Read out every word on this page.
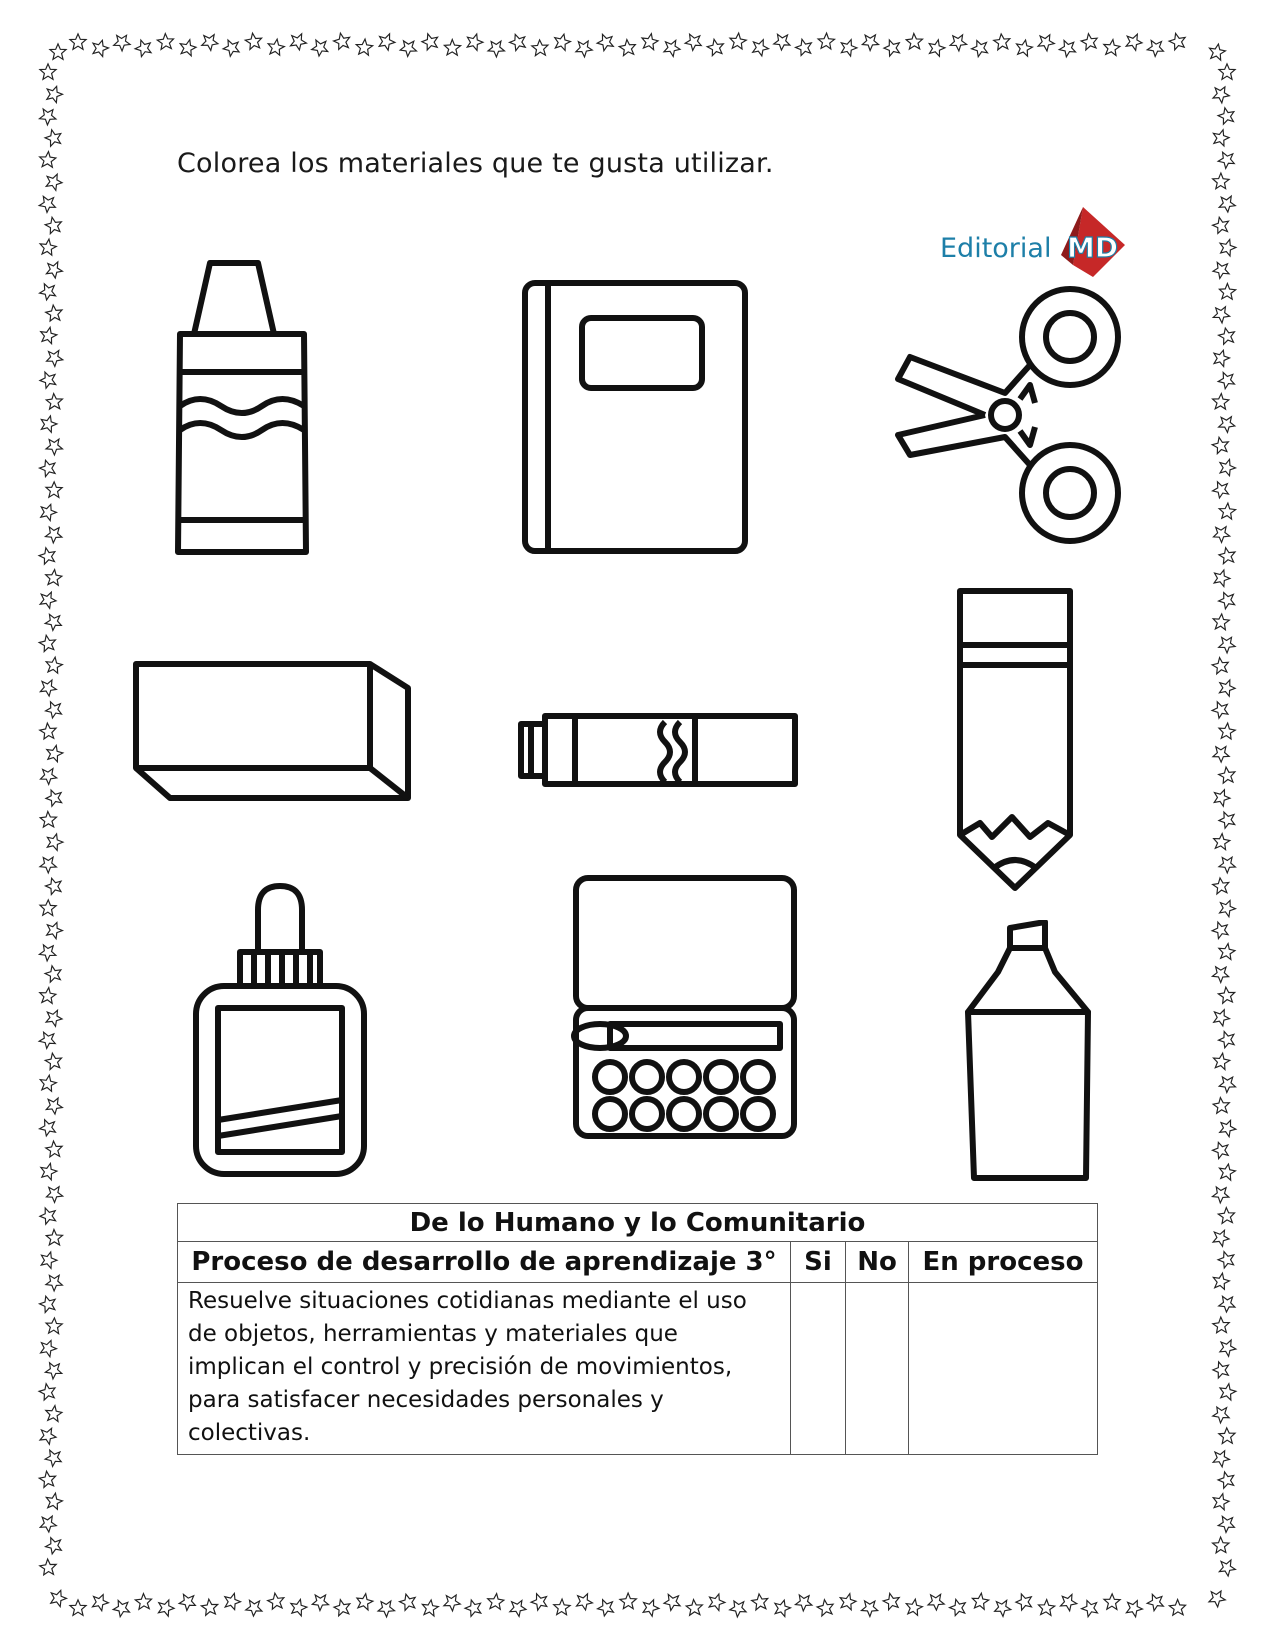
Colorea los materiales que te gusta utilizar.
Editorial MD
De lo Humano y lo Comunitario			
Proceso de desarrollo de aprendizaje 3°	Si	No	En proceso
Resuelve situaciones cotidianas mediante el uso de objetos, herramientas y materiales que implican el control y precisión de movimientos, para satisfacer necesidades personales y colectivas.			
